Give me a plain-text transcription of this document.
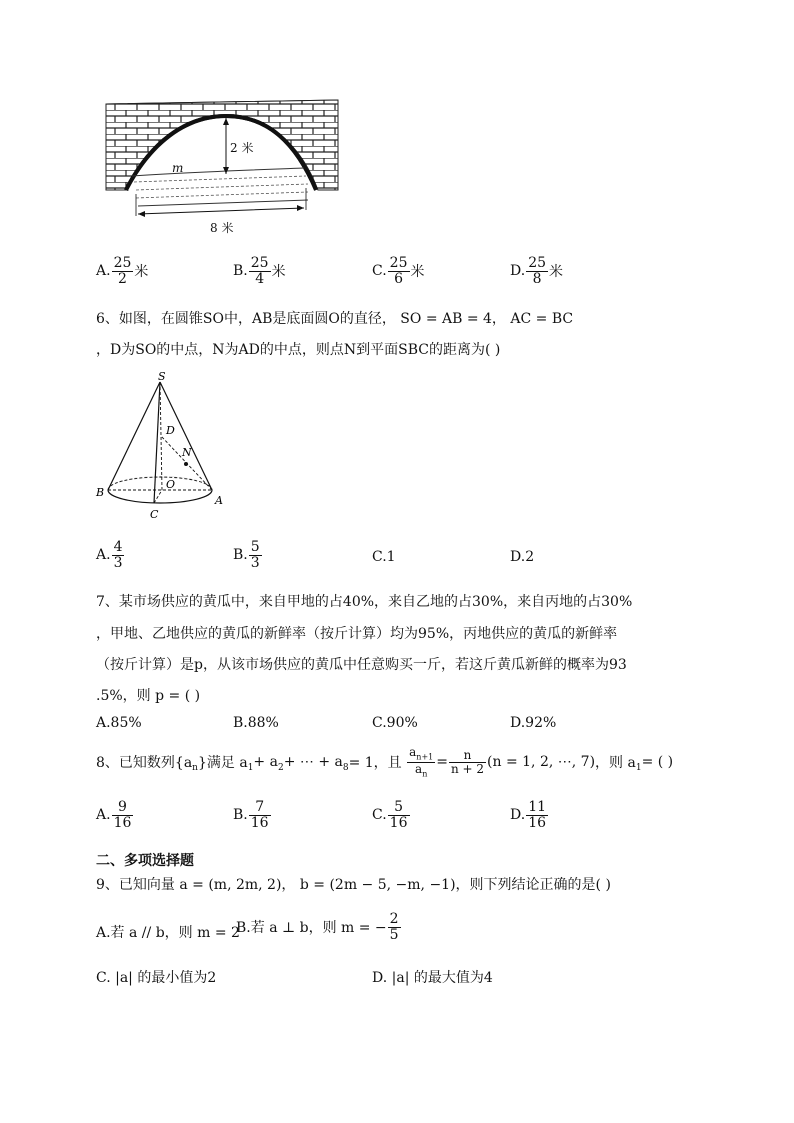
2 米
8 米
m
A. $\frac{25}{2}$ 米	B. $\frac{25}{4}$ 米	C. $\frac{25}{6}$ 米	D. $\frac{25}{8}$ 米
6、如图，在圆锥SO中，AB是底面圆O的直径， SO = AB = 4， AC = BC
，D为SO的中点，N为AD的中点，则点N到平面SBC的距离为( )
S
D
N
O
B
C
A
A. $\frac{4}{3}$	B. $\frac{5}{3}$	C.1	D.2
7、某市场供应的黄瓜中，来自甲地的占40%，来自乙地的占30%，来自丙地的占30%
，甲地、乙地供应的黄瓜的新鲜率（按斤计算）均为95%，丙地供应的黄瓜的新鲜率
（按斤计算）是p，从该市场供应的黄瓜中任意购买一斤，若这斤黄瓜新鲜的概率为93
.5%，则 p = ( )
A.85%	B.88%	C.90%	D.92%
8、已知数列$\{a_n\}$满足 $a_1+ a_2+$ ⋯ + $a_8= 1$，且 $\frac{a_{n+1}}{a_n} = \frac{n}{n + 2} (n = 1$, 2, ⋯, 7)，则 $a_1=$ ( )
A. $\frac{9}{16}$	B. $\frac{7}{16}$	C. $\frac{5}{16}$	D. $\frac{11}{16}$
二、多项选择题
9、已知向量 a = (m, 2m, 2)， b = (2m − 5, −m, −1)，则下列结论正确的是( )
A.若 a // b，则 m = 2
B.若 a ⊥ b，则 m = − $\frac{2}{5}$
C. |a| 的最小值为2	D. |a| 的最大值为4
